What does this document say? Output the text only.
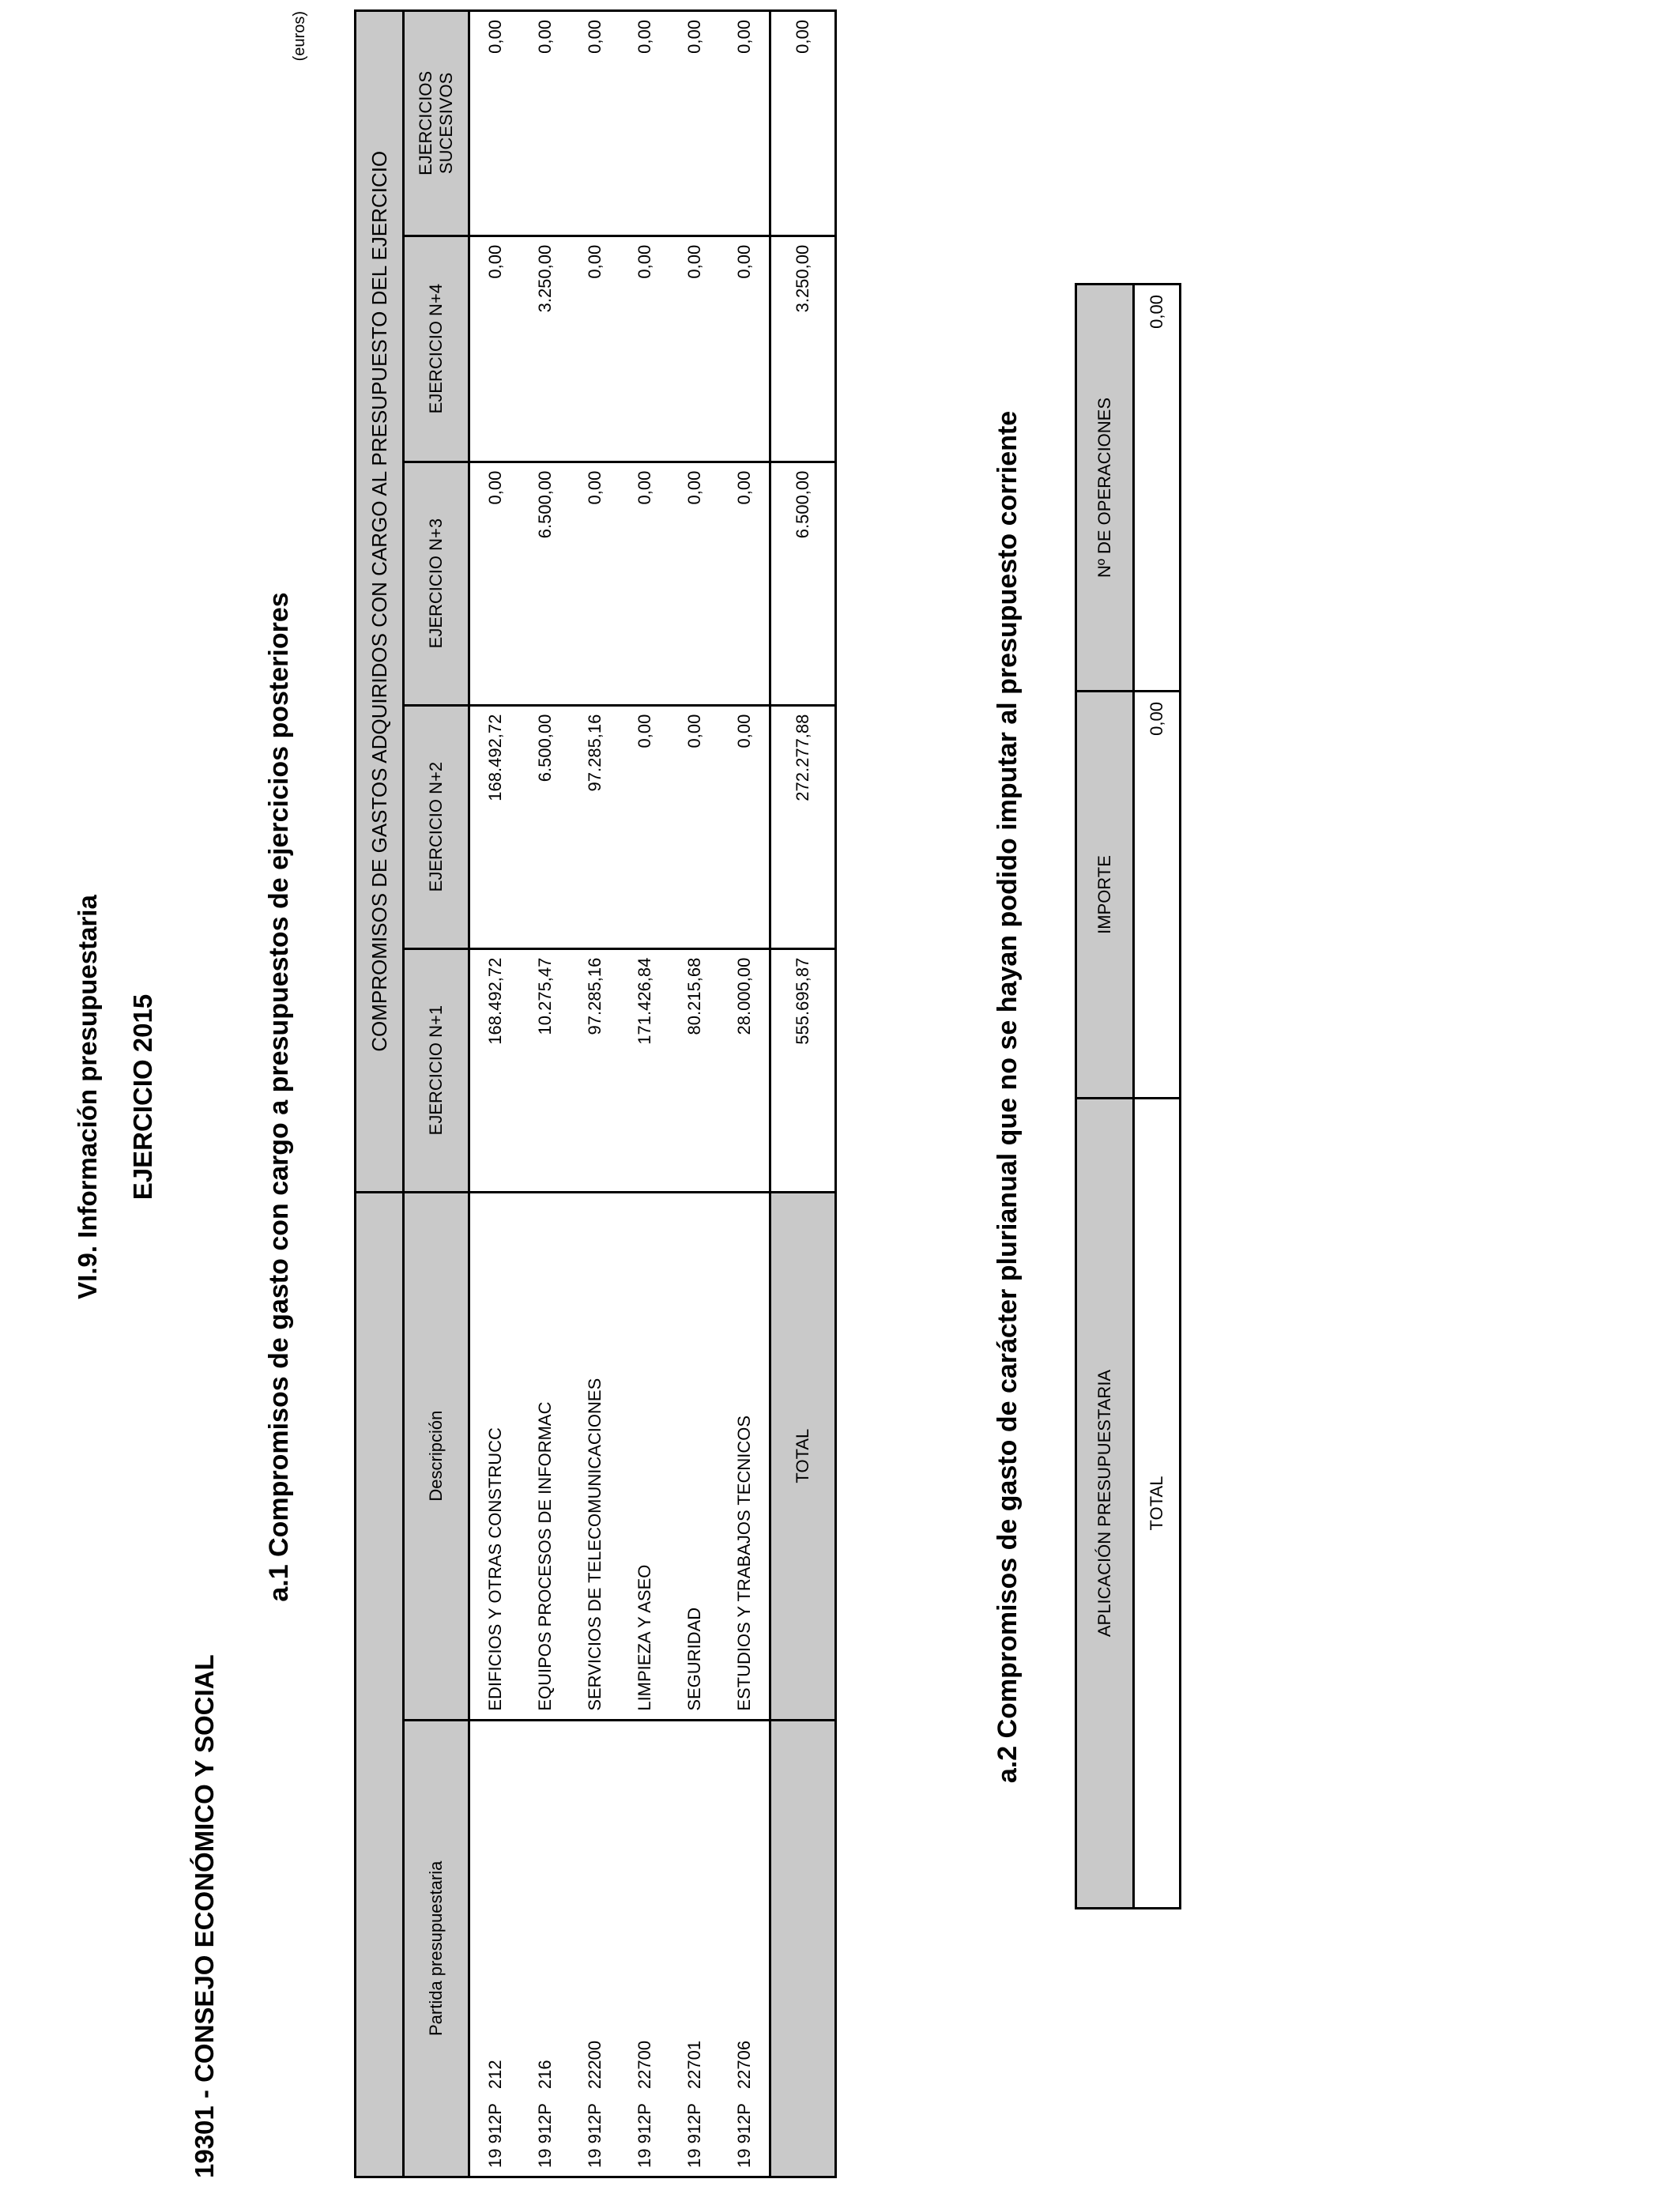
VI.9. Información presupuestaria EJERCICIO 2015
19301 - CONSEJO ECONÓMICO Y SOCIAL
a.1 Compromisos de gasto con cargo a presupuestos de ejercicios posteriores
(euros)
		COMPROMISOS DE GASTOS ADQUIRIDOS CON CARGO AL PRESUPUESTO DEL EJERCICIO				
Partida presupuestaria	Descripción	EJERCICIO N+1	EJERCICIO N+2	EJERCICIO N+3	EJERCICIO N+4	EJERCICIOS SUCESIVOS
19 912P   212	EDIFICIOS Y OTRAS CONSTRUCC	168.492,72	168.492,72	0,00	0,00	0,00
19 912P   216	EQUIPOS PROCESOS DE INFORMAC	10.275,47	6.500,00	6.500,00	3.250,00	0,00
19 912P   22200	SERVICIOS DE TELECOMUNICACIONES	97.285,16	97.285,16	0,00	0,00	0,00
19 912P   22700	LIMPIEZA Y ASEO	171.426,84	0,00	0,00	0,00	0,00
19 912P   22701	SEGURIDAD	80.215,68	0,00	0,00	0,00	0,00
19 912P   22706	ESTUDIOS Y TRABAJOS TECNICOS	28.000,00	0,00	0,00	0,00	0,00
	TOTAL	555.695,87	272.277,88	6.500,00	3.250,00	0,00
a.2 Compromisos de gasto de carácter plurianual que no se hayan podido imputar al presupuesto corriente	APLICACIÓN PRESUPUESTARIA	IMPORTE	Nº DE OPERACIONES
TOTAL	0,00	0,00
